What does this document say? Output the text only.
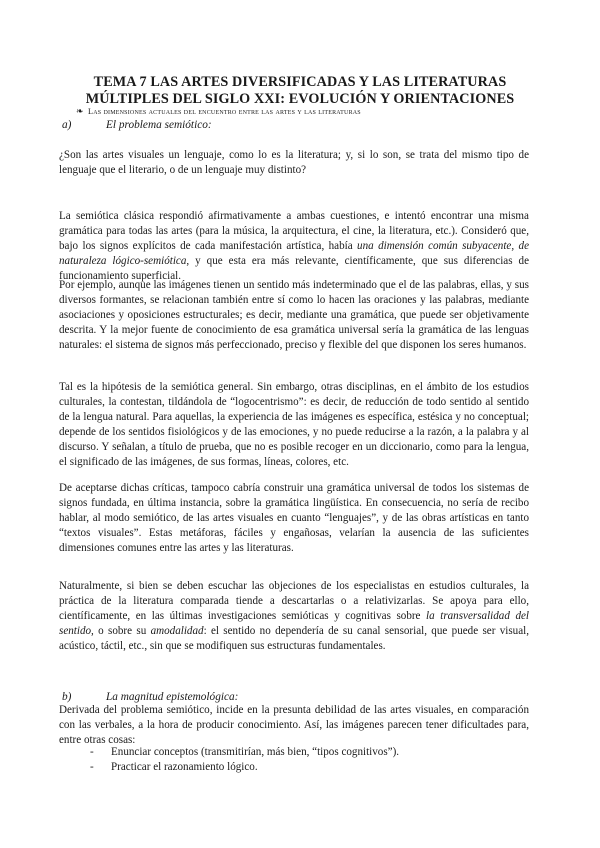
TEMA 7 LAS ARTES DIVERSIFICADAS Y LAS LITERATURAS MÚLTIPLES DEL SIGLO XXI: EVOLUCIÓN Y ORIENTACIONES
❧ Las dimensiones actuales del encuentro entre las artes y las literaturas
a)	El problema semiótico:

¿Son las artes visuales un lenguaje, como lo es la literatura; y, si lo son, se trata del mismo tipo de lenguaje que el literario, o de un lenguaje muy distinto?

La semiótica clásica respondió afirmativamente a ambas cuestiones, e intentó encontrar una misma gramática para todas las artes (para la música, la arquitectura, el cine, la literatura, etc.). Consideró que, bajo los signos explícitos de cada manifestación artística, había una dimensión común subyacente, de naturaleza lógico-semiótica, y que esta era más relevante, científicamente, que sus diferencias de funcionamiento superficial.

Por ejemplo, aunque las imágenes tienen un sentido más indeterminado que el de las palabras, ellas, y sus diversos formantes, se relacionan también entre sí como lo hacen las oraciones y las palabras, mediante asociaciones y oposiciones estructurales; es decir, mediante una gramática, que puede ser objetivamente descrita. Y la mejor fuente de conocimiento de esa gramática universal sería la gramática de las lenguas naturales: el sistema de signos más perfeccionado, preciso y flexible del que disponen los seres humanos.

Tal es la hipótesis de la semiótica general. Sin embargo, otras disciplinas, en el ámbito de los estudios culturales, la contestan, tildándola de “logocentrismo”: es decir, de reducción de todo sentido al sentido de la lengua natural. Para aquellas, la experiencia de las imágenes es específica, estésica y no conceptual; depende de los sentidos fisiológicos y de las emociones, y no puede reducirse a la razón, a la palabra y al discurso. Y señalan, a título de prueba, que no es posible recoger en un diccionario, como para la lengua, el significado de las imágenes, de sus formas, líneas, colores, etc.

De aceptarse dichas críticas, tampoco cabría construir una gramática universal de todos los sistemas de signos fundada, en última instancia, sobre la gramática lingüística. En consecuencia, no sería de recibo hablar, al modo semiótico, de las artes visuales en cuanto “lenguajes”, y de las obras artísticas en tanto “textos visuales”. Estas metáforas, fáciles y engañosas, velarían la ausencia de las suficientes dimensiones comunes entre las artes y las literaturas.

Naturalmente, si bien se deben escuchar las objeciones de los especialistas en estudios culturales, la práctica de la literatura comparada tiende a descartarlas o a relativizarlas. Se apoya para ello, científicamente, en las últimas investigaciones semióticas y cognitivas sobre la transversalidad del sentido, o sobre su amodalidad: el sentido no dependería de su canal sensorial, que puede ser visual, acústico, táctil, etc., sin que se modifiquen sus estructuras fundamentales.

b)	La magnitud epistemológica:

Derivada del problema semiótico, incide en la presunta debilidad de las artes visuales, en comparación con las verbales, a la hora de producir conocimiento. Así, las imágenes parecen tener dificultades para, entre otras cosas:

- Enunciar conceptos (transmitirían, más bien, “tipos cognitivos”).
- Practicar el razonamiento lógico.
